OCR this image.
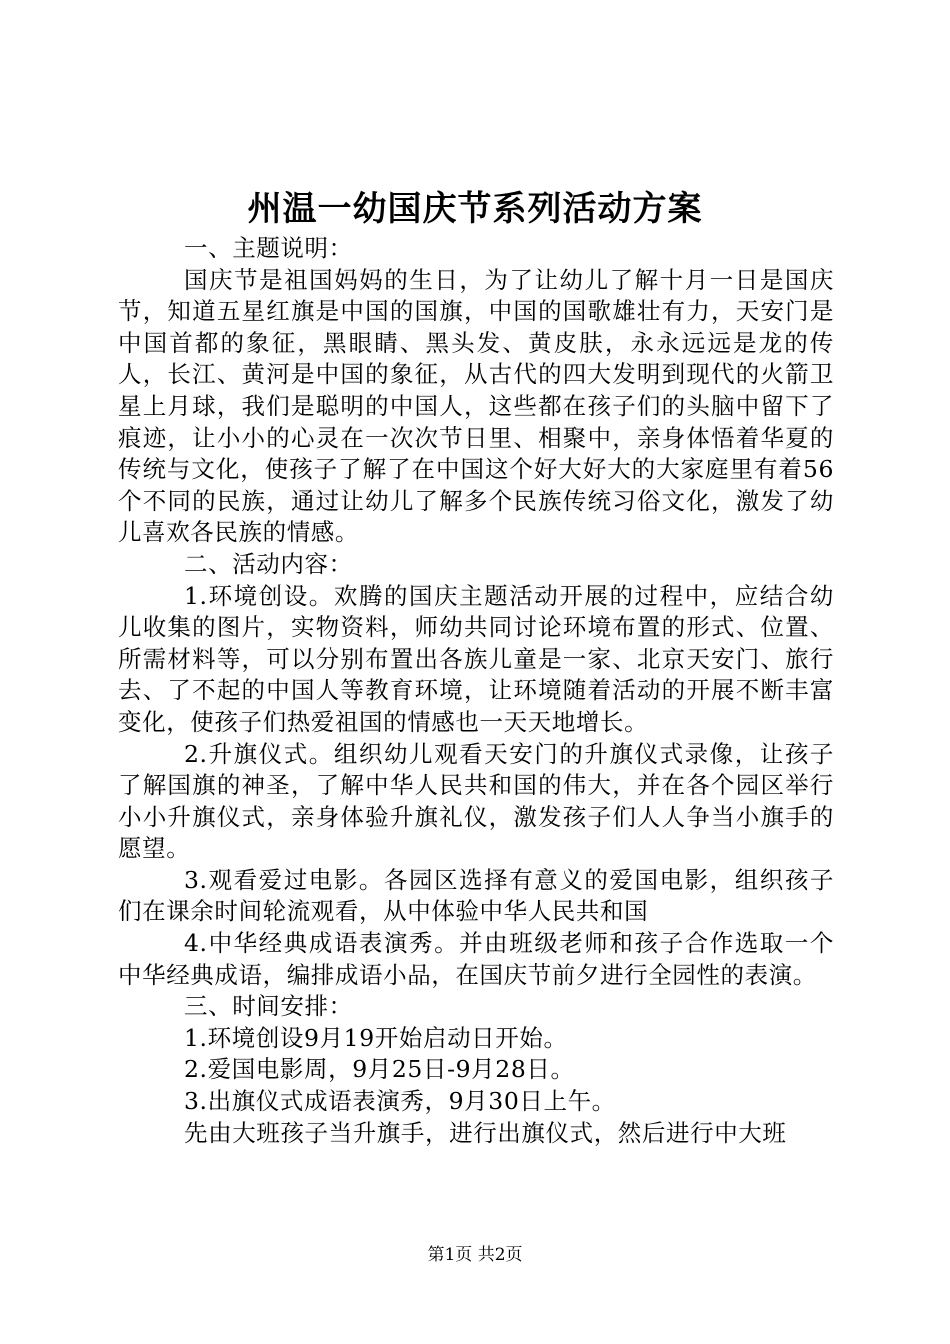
州温一幼国庆节系列活动方案

一、主题说明：

国庆节是祖国妈妈的生日，为了让幼儿了解十月一日是国庆节，知道五星红旗是中国的国旗，中国的国歌雄壮有力，天安门是中国首都的象征，黑眼睛、黑头发、黄皮肤，永永远远是龙的传人，长江、黄河是中国的象征，从古代的四大发明到现代的火箭卫星上月球，我们是聪明的中国人，这些都在孩子们的头脑中留下了痕迹，让小小的心灵在一次次节日里、相聚中，亲身体悟着华夏的传统与文化，使孩子了解了在中国这个好大好大的大家庭里有着56个不同的民族，通过让幼儿了解多个民族传统习俗文化，激发了幼儿喜欢各民族的情感。

二、活动内容：

1.环境创设。欢腾的国庆主题活动开展的过程中，应结合幼儿收集的图片，实物资料，师幼共同讨论环境布置的形式、位置、所需材料等，可以分别布置出各族儿童是一家、北京天安门、旅行去、了不起的中国人等教育环境，让环境随着活动的开展不断丰富变化，使孩子们热爱祖国的情感也一天天地增长。

2.升旗仪式。组织幼儿观看天安门的升旗仪式录像，让孩子了解国旗的神圣，了解中华人民共和国的伟大，并在各个园区举行小小升旗仪式，亲身体验升旗礼仪，激发孩子们人人争当小旗手的愿望。

3.观看爱过电影。各园区选择有意义的爱国电影，组织孩子们在课余时间轮流观看，从中体验中华人民共和国

4.中华经典成语表演秀。并由班级老师和孩子合作选取一个中华经典成语，编排成语小品，在国庆节前夕进行全园性的表演。

三、时间安排：

1.环境创设9月19开始启动日开始。

2.爱国电影周，9月25日-9月28日。

3.出旗仪式成语表演秀，9月30日上午。

先由大班孩子当升旗手，进行出旗仪式，然后进行中大班

第1页 共2页
